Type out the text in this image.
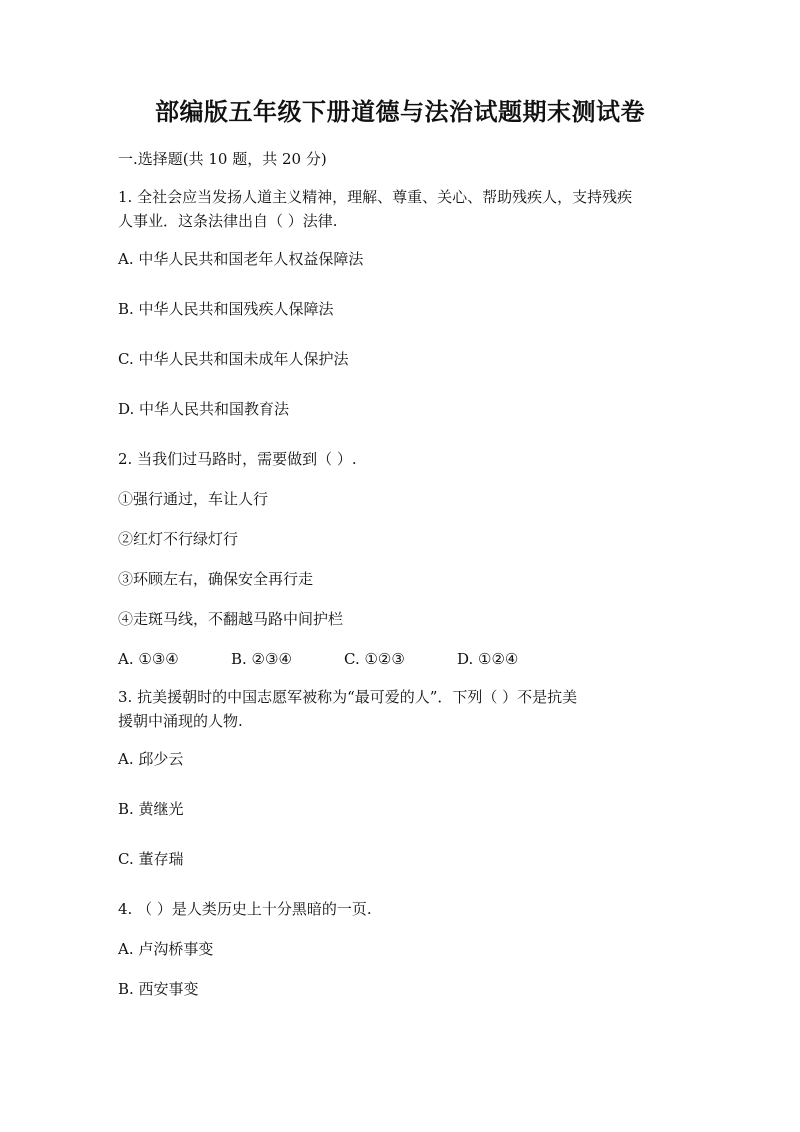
部编版五年级下册道德与法治试题期末测试卷
一.选择题(共 10 题，共 20 分)
1. 全社会应当发扬人道主义精神，理解、尊重、关心、帮助残疾人，支持残疾
人事业．这条法律出自（ ）法律.
A. 中华人民共和国老年人权益保障法
B. 中华人民共和国残疾人保障法
C. 中华人民共和国未成年人保护法
D. 中华人民共和国教育法
2. 当我们过马路时，需要做到（ ）.
①强行通过，车让人行
②红灯不行绿灯行
③环顾左右，确保安全再行走
④走斑马线，不翻越马路中间护栏
A. ①③④	B. ②③④	C. ①②③	D. ①②④
3. 抗美援朝时的中国志愿军被称为“最可爱的人”．下列（ ）不是抗美
援朝中涌现的人物.
A. 邱少云
B. 黄继光
C. 董存瑞
4. （ ）是人类历史上十分黑暗的一页.
A. 卢沟桥事变
B. 西安事变
